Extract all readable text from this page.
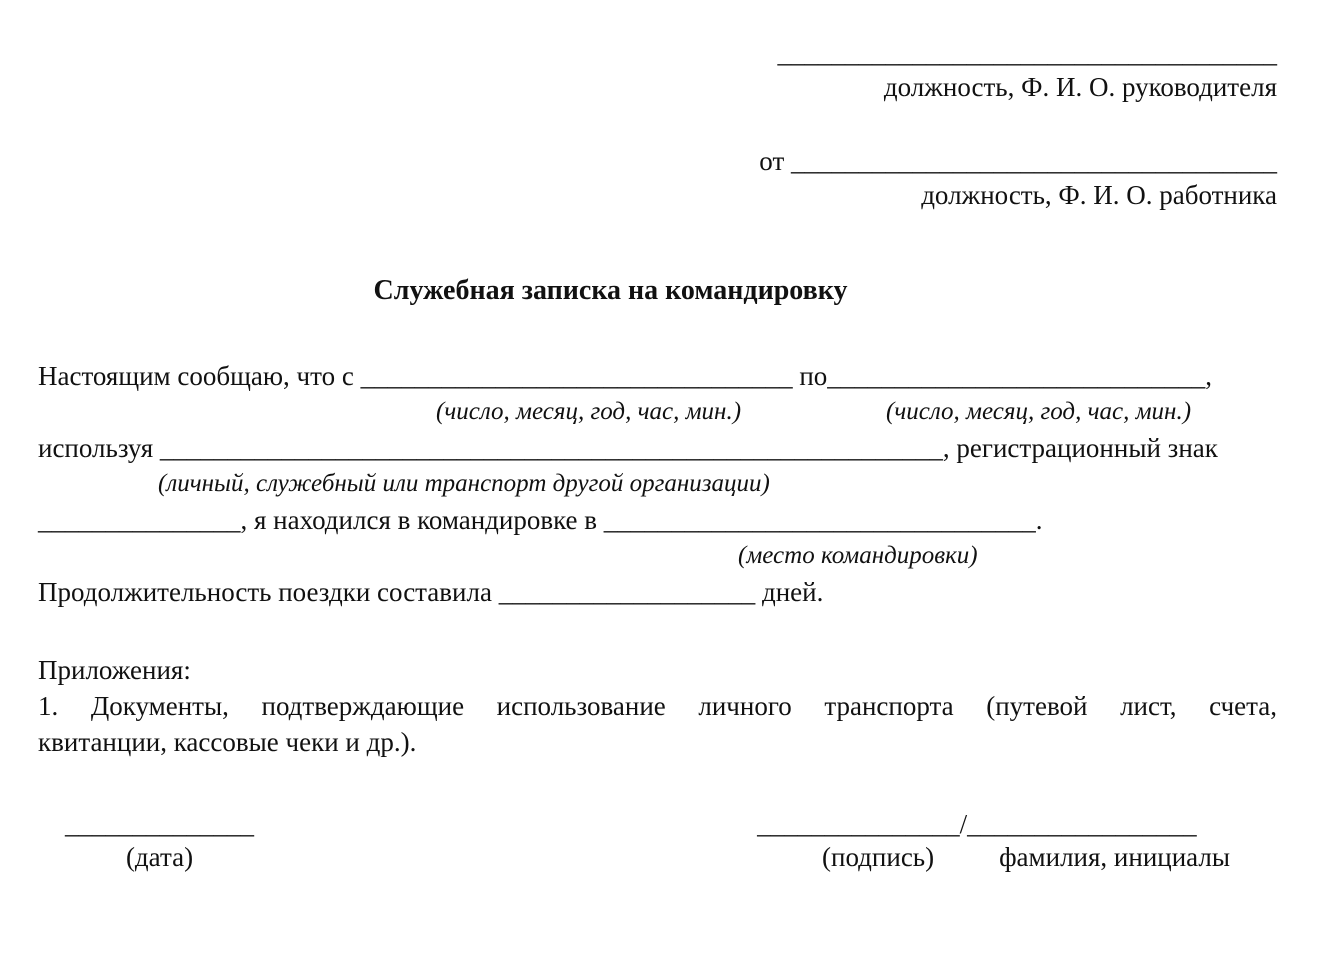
_____________________________________
должность, Ф. И. О. руководителя
от ____________________________________
должность, Ф. И. О. работника
Служебная записка на командировку
Настоящим сообщаю, что с ________________________________ по____________________________,
(число, месяц, год, час, мин.)	(число, месяц, год, час, мин.)
используя __________________________________________________________, регистрационный знак
(личный, служебный или транспорт другой организации)
_______________, я находился в командировке в ________________________________.
(место командировки)
Продолжительность поездки составила ___________________ дней.
Приложения:
1. Документы, подтверждающие использование личного транспорта (путевой лист, счета,
квитанции, кассовые чеки и др.).
______________
(дата)
_______________/_________________
(подпись)	фамилия, инициалы
